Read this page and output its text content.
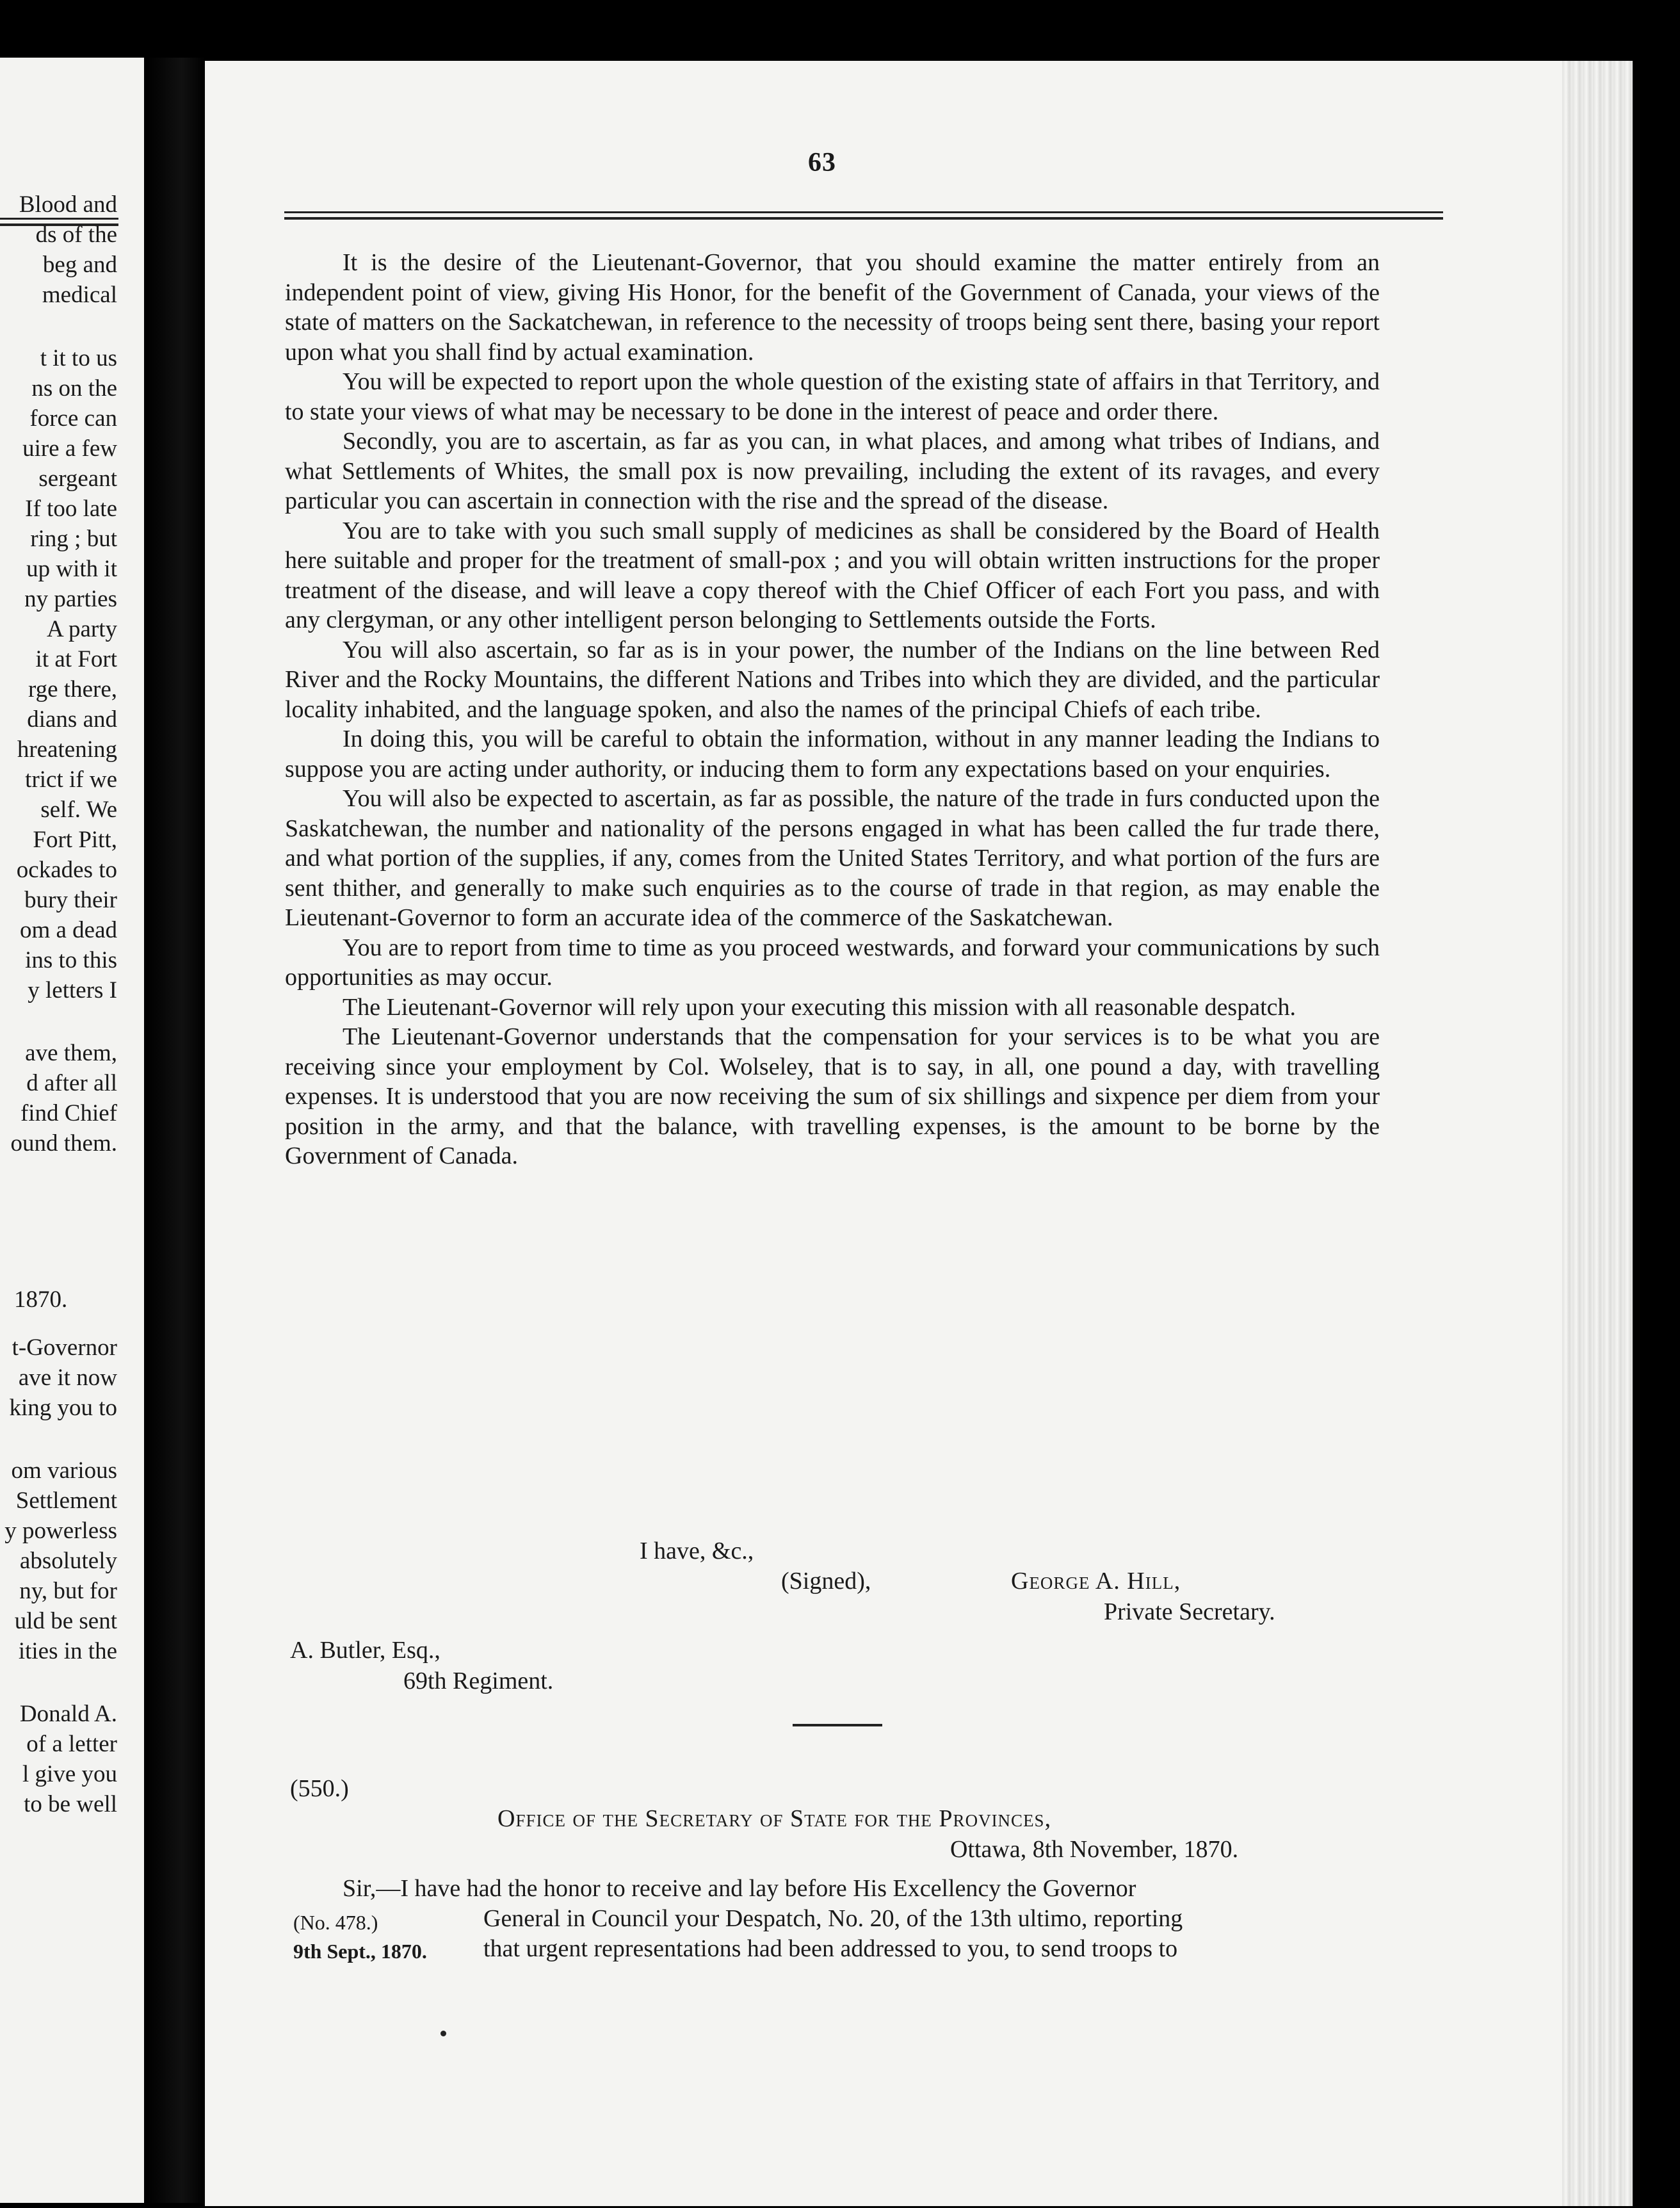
Blood and
ds of the
beg and
medical
t it to us
ns on the
force can
uire a few
sergeant
If too late
ring ; but
up with it
ny parties
A party
it at Fort
rge there,
dians and
hreatening
trict if we
self. We
Fort Pitt,
ockades to
bury their
om a dead
ins to this
y letters I
ave them,
d after all
find Chief
ound them.
1870.
t-Governor
ave it now
king you to
om various
Settlement
y powerless
absolutely
ny, but for
uld be sent
ities in the
Donald A.
of a letter
l give you
to be well
63

It is the desire of the Lieutenant-Governor, that you should examine the matter entirely from an independent point of view, giving His Honor, for the benefit of the Government of Canada, your views of the state of matters on the Sackatchewan, in reference to the necessity of troops being sent there, basing your report upon what you shall find by actual examination.

You will be expected to report upon the whole question of the existing state of affairs in that Territory, and to state your views of what may be necessary to be done in the interest of peace and order there.

Secondly, you are to ascertain, as far as you can, in what places, and among what tribes of Indians, and what Settlements of Whites, the small pox is now prevailing, including the extent of its ravages, and every particular you can ascertain in connection with the rise and the spread of the disease.

You are to take with you such small supply of medicines as shall be considered by the Board of Health here suitable and proper for the treatment of small-pox ; and you will obtain written instructions for the proper treatment of the disease, and will leave a copy thereof with the Chief Officer of each Fort you pass, and with any clergyman, or any other intelligent person belonging to Settlements outside the Forts.

You will also ascertain, so far as is in your power, the number of the Indians on the line between Red River and the Rocky Mountains, the different Nations and Tribes into which they are divided, and the particular locality inhabited, and the language spoken, and also the names of the principal Chiefs of each tribe.

In doing this, you will be careful to obtain the information, without in any manner leading the Indians to suppose you are acting under authority, or inducing them to form any expectations based on your enquiries.

You will also be expected to ascertain, as far as possible, the nature of the trade in furs conducted upon the Saskatchewan, the number and nationality of the persons engaged in what has been called the fur trade there, and what portion of the supplies, if any, comes from the United States Territory, and what portion of the furs are sent thither, and generally to make such enquiries as to the course of trade in that region, as may enable the Lieutenant-Governor to form an accurate idea of the commerce of the Saskatchewan.

You are to report from time to time as you proceed westwards, and forward your communications by such opportunities as may occur.

The Lieutenant-Governor will rely upon your executing this mission with all reasonable despatch.

The Lieutenant-Governor understands that the compensation for your services is to be what you are receiving since your employment by Col. Wolseley, that is to say, in all, one pound a day, with travelling expenses. It is understood that you are now receiving the sum of six shillings and sixpence per diem from your position in the army, and that the balance, with travelling expenses, is the amount to be borne by the Government of Canada.

I have, &c.,
(Signed),	George A. Hill,
Private Secretary.
A. Butler, Esq.,
69th Regiment.
(550.)
Office of the Secretary of State for the Provinces,
Ottawa, 8th November, 1870.
Sir,—I have had the honor to receive and lay before His Excellency the Governor
General in Council your Despatch, No. 20, of the 13th ultimo, reporting
that urgent representations had been addressed to you, to send troops to
(No. 478.)
9th Sept., 1870.
